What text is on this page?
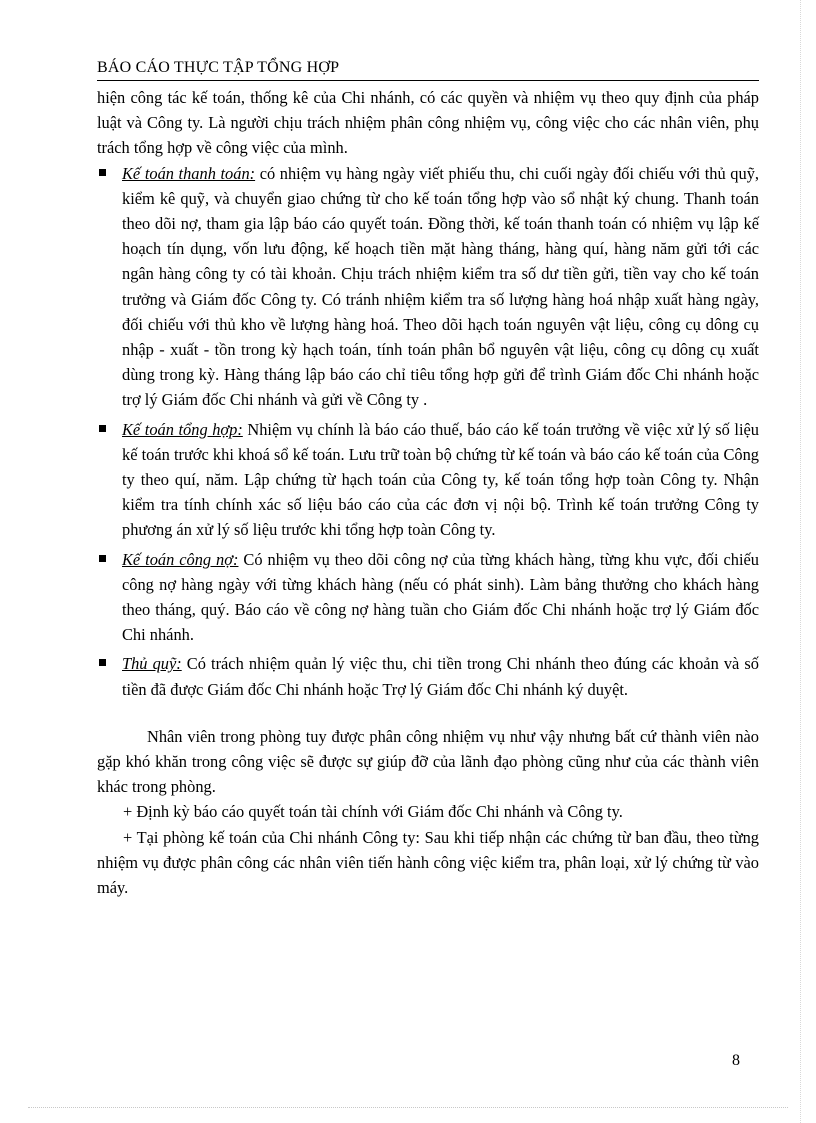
BÁO CÁO THỰC TẬP TỔNG HỢP

hiện công tác kế toán, thống kê của Chi nhánh, có các quyền và nhiệm vụ theo quy định của pháp luật và Công ty. Là người chịu trách nhiệm phân công nhiệm vụ, công việc cho các nhân viên, phụ trách tổng hợp về công việc của mình.

Kế toán thanh toán: có nhiệm vụ hàng ngày viết phiếu thu, chi cuối ngày đối chiếu với thủ quỹ, kiểm kê quỹ, và chuyển giao chứng từ cho kế toán tổng hợp vào sổ nhật ký chung. Thanh toán theo dõi nợ, tham gia lập báo cáo quyết toán. Đồng thời, kế toán thanh toán có nhiệm vụ lập kế hoạch tín dụng, vốn lưu động, kế hoạch tiền mặt hàng tháng, hàng quí, hàng năm gửi tới các ngân hàng công ty có tài khoản. Chịu trách nhiệm kiểm tra số dư tiền gửi, tiền vay cho kế toán trưởng và Giám đốc Công ty. Có tránh nhiệm kiểm tra số lượng hàng hoá nhập xuất hàng ngày, đối chiếu với thủ kho về lượng hàng hoá. Theo dõi hạch toán nguyên vật liệu, công cụ dông cụ nhập - xuất - tồn trong kỳ hạch toán, tính toán phân bổ nguyên vật liệu, công cụ dông cụ xuất dùng trong kỳ. Hàng tháng lập báo cáo chỉ tiêu tổng hợp gửi để trình Giám đốc Chi nhánh hoặc trợ lý Giám đốc Chi nhánh và gửi về Công ty .
Kế toán tổng hợp: Nhiệm vụ chính là báo cáo thuế, báo cáo kế toán trưởng về việc xử lý số liệu kế toán trước khi khoá sổ kế toán. Lưu trữ toàn bộ chứng từ kế toán và báo cáo kế toán của Công ty theo quí, năm. Lập chứng từ hạch toán của Công ty, kế toán tổng hợp toàn Công ty. Nhận kiểm tra tính chính xác số liệu báo cáo của các đơn vị nội bộ. Trình kế toán trưởng Công ty phương án xử lý số liệu trước khi tổng hợp toàn Công ty.
Kế toán công nợ: Có nhiệm vụ theo dõi công nợ của từng khách hàng, từng khu vực, đối chiếu công nợ hàng ngày với từng khách hàng (nếu có phát sinh). Làm bảng thưởng cho khách hàng theo tháng, quý. Báo cáo về công nợ hàng tuần cho Giám đốc Chi nhánh hoặc trợ lý Giám đốc Chi nhánh.
Thủ quỹ: Có trách nhiệm quản lý việc thu, chi tiền trong Chi nhánh theo đúng các khoản và số tiền đã được Giám đốc Chi nhánh hoặc Trợ lý Giám đốc Chi nhánh ký duyệt.

Nhân viên trong phòng tuy được phân công nhiệm vụ như vậy nhưng bất cứ thành viên nào gặp khó khăn trong công việc sẽ được sự giúp đỡ của lãnh đạo phòng cũng như của các thành viên khác trong phòng.

+ Định kỳ báo cáo quyết toán tài chính với Giám đốc Chi nhánh và Công ty.

+ Tại phòng kế toán của Chi nhánh Công ty: Sau khi tiếp nhận các chứng từ ban đầu, theo từng nhiệm vụ được phân công các nhân viên tiến hành công việc kiểm tra, phân loại, xử lý chứng từ vào máy.

8
